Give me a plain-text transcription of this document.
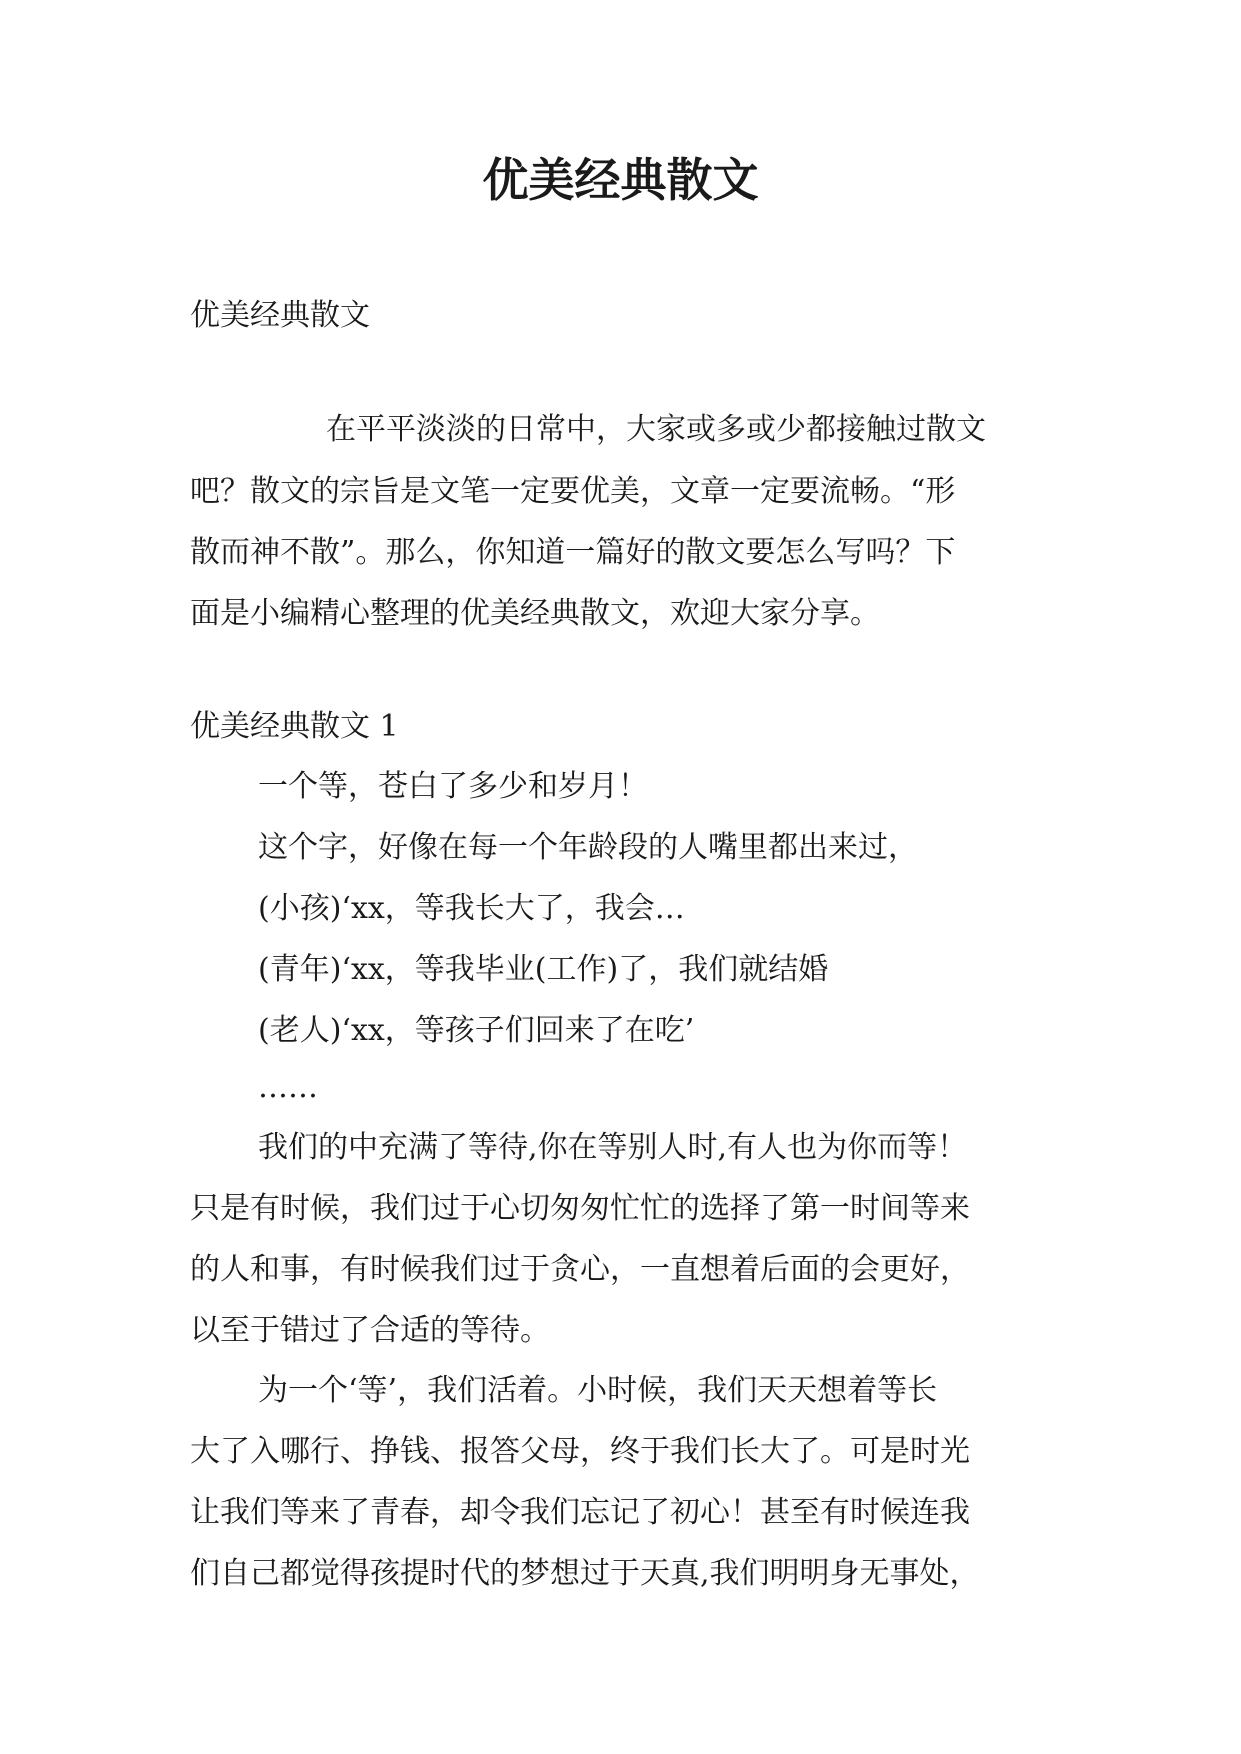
优美经典散文

优美经典散文

在平平淡淡的日常中，大家或多或少都接触过散文

吧？散文的宗旨是文笔一定要优美，文章一定要流畅。“形

散而神不散”。那么，你知道一篇好的散文要怎么写吗？下

面是小编精心整理的优美经典散文，欢迎大家分享。

优美经典散文 1

一个等，苍白了多少和岁月！

这个字，好像在每一个年龄段的人嘴里都出来过，

(小孩)‘xx，等我长大了，我会…

(青年)‘xx，等我毕业(工作)了，我们就结婚

(老人)‘xx，等孩子们回来了在吃’

……

我们的中充满了等待,你在等别人时,有人也为你而等！

只是有时候，我们过于心切匆匆忙忙的选择了第一时间等来

的人和事，有时候我们过于贪心，一直想着后面的会更好，

以至于错过了合适的等待。

为一个‘等’，我们活着。小时候，我们天天想着等长

大了入哪行、挣钱、报答父母，终于我们长大了。可是时光

让我们等来了青春，却令我们忘记了初心！甚至有时候连我

们自己都觉得孩提时代的梦想过于天真,我们明明身无事处，
